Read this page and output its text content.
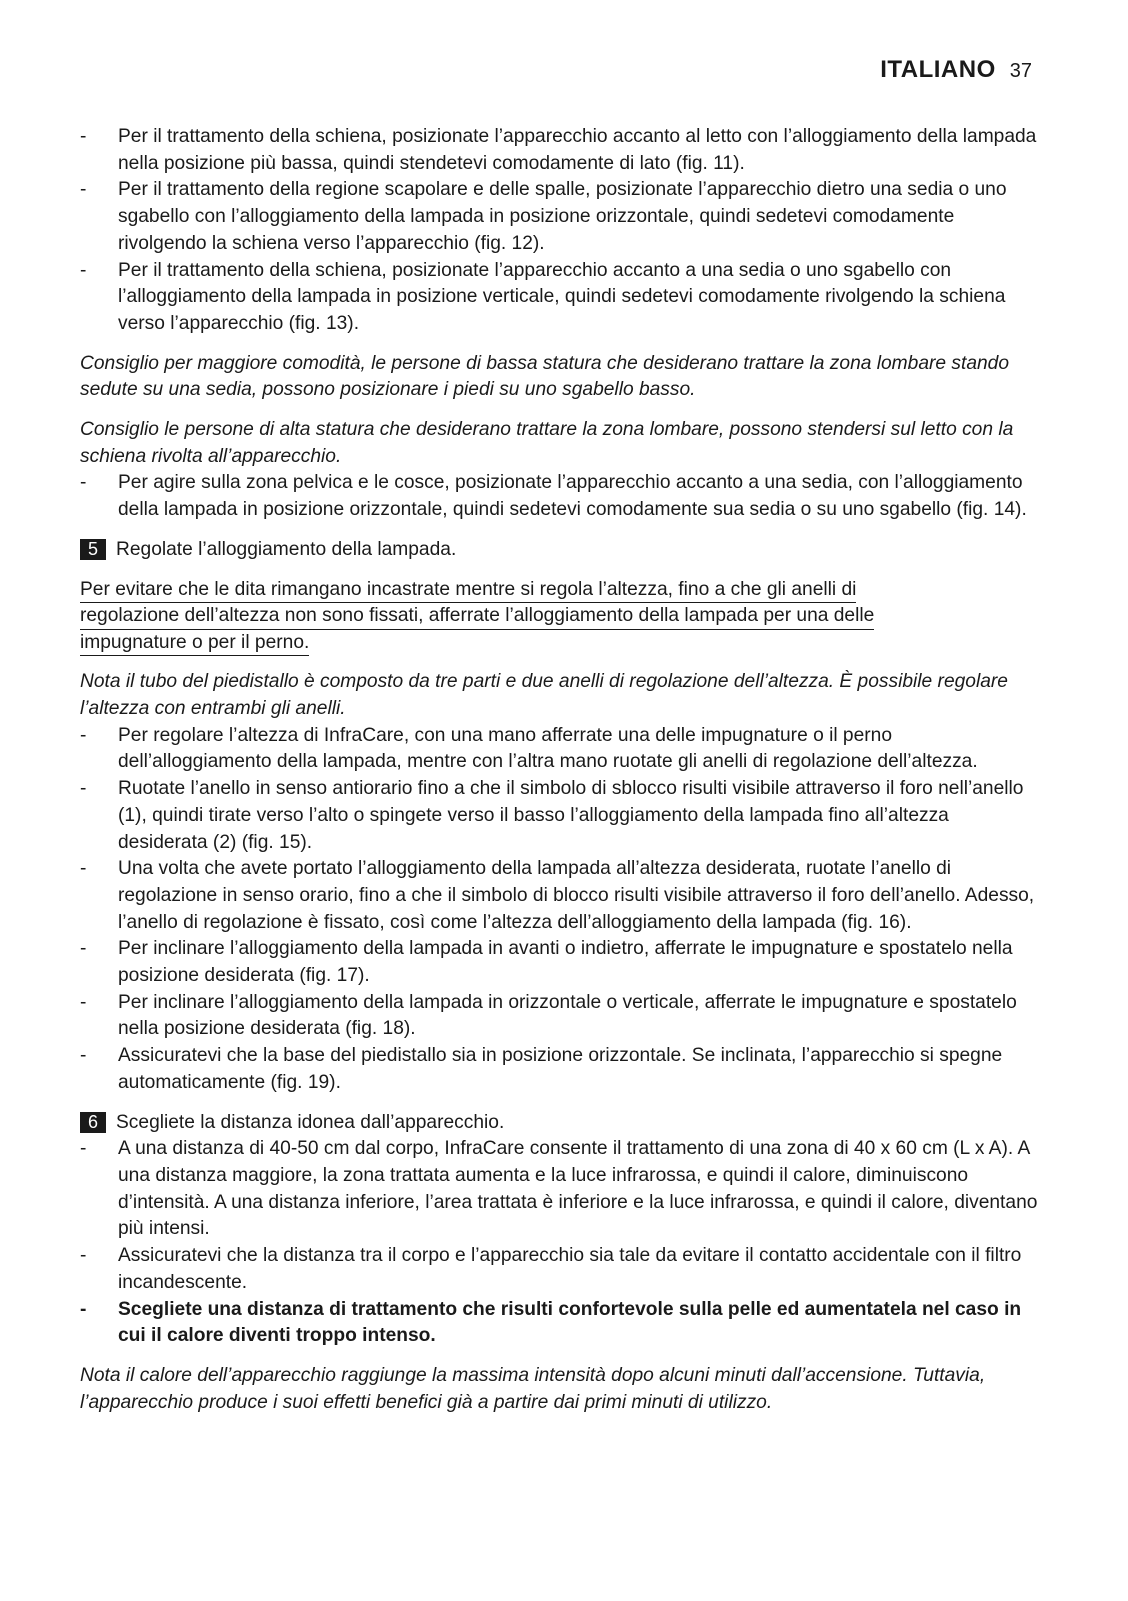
ITALIANO 37
-	Per il trattamento della schiena, posizionate l’apparecchio accanto al letto con l’alloggiamento della lampada nella posizione più bassa, quindi stendetevi comodamente di lato (fig. 11).
-	Per il trattamento della regione scapolare e delle spalle, posizionate l’apparecchio dietro una sedia o uno sgabello con l’alloggiamento della lampada in posizione orizzontale, quindi sedetevi comodamente rivolgendo la schiena verso l’apparecchio (fig. 12).
-	Per il trattamento della schiena, posizionate l’apparecchio accanto a una sedia o uno sgabello con l’alloggiamento della lampada in posizione verticale, quindi sedetevi comodamente rivolgendo la schiena verso l’apparecchio (fig. 13).
Consiglio per maggiore comodità, le persone di bassa statura che desiderano trattare la zona lombare stando sedute su una sedia, possono posizionare i piedi su uno sgabello basso.
Consiglio le persone di alta statura che desiderano trattare la zona lombare, possono stendersi sul letto con la schiena rivolta all’apparecchio.
-	Per agire sulla zona pelvica e le cosce, posizionate l’apparecchio accanto a una sedia, con l’alloggiamento della lampada in posizione orizzontale, quindi sedetevi comodamente sua sedia o su uno sgabello (fig. 14).
5 Regolate l’alloggiamento della lampada.
Per evitare che le dita rimangano incastrate mentre si regola l’altezza, fino a che gli anelli di
regolazione dell’altezza non sono fissati, afferrate l’alloggiamento della lampada per una delle
impugnature o per il perno.
Nota il tubo del piedistallo è composto da tre parti e due anelli di regolazione dell’altezza. È possibile regolare l’altezza con entrambi gli anelli.
-	Per regolare l’altezza di InfraCare, con una mano afferrate una delle impugnature o il perno dell’alloggiamento della lampada, mentre con l’altra mano ruotate gli anelli di regolazione dell’altezza.
-	Ruotate l’anello in senso antiorario fino a che il simbolo di sblocco risulti visibile attraverso il foro nell’anello (1), quindi tirate verso l’alto o spingete verso il basso l’alloggiamento della lampada fino all’altezza desiderata (2) (fig. 15).
-	Una volta che avete portato l’alloggiamento della lampada all’altezza desiderata, ruotate l’anello di regolazione in senso orario, fino a che il simbolo di blocco risulti visibile attraverso il foro dell’anello. Adesso, l’anello di regolazione è fissato, così come l’altezza dell’alloggiamento della lampada (fig. 16).
-	Per inclinare l’alloggiamento della lampada in avanti o indietro, afferrate le impugnature e spostatelo nella posizione desiderata (fig. 17).
-	Per inclinare l’alloggiamento della lampada in orizzontale o verticale, afferrate le impugnature e spostatelo nella posizione desiderata (fig. 18).
-	Assicuratevi che la base del piedistallo sia in posizione orizzontale. Se inclinata, l’apparecchio si spegne automaticamente (fig. 19).
6 Scegliete la distanza idonea dall’apparecchio.
-	A una distanza di 40-50 cm dal corpo, InfraCare consente il trattamento di una zona di 40 x 60 cm (L x A). A una distanza maggiore, la zona trattata aumenta e la luce infrarossa, e quindi il calore, diminuiscono d’intensità. A una distanza inferiore, l’area trattata è inferiore e la luce infrarossa, e quindi il calore, diventano più intensi.
-	Assicuratevi che la distanza tra il corpo e l’apparecchio sia tale da evitare il contatto accidentale con il filtro incandescente.
-	Scegliete una distanza di trattamento che risulti confortevole sulla pelle ed aumentatela nel caso in cui il calore diventi troppo intenso.
Nota il calore dell’apparecchio raggiunge la massima intensità dopo alcuni minuti dall’accensione. Tuttavia, l’apparecchio produce i suoi effetti benefici già a partire dai primi minuti di utilizzo.
